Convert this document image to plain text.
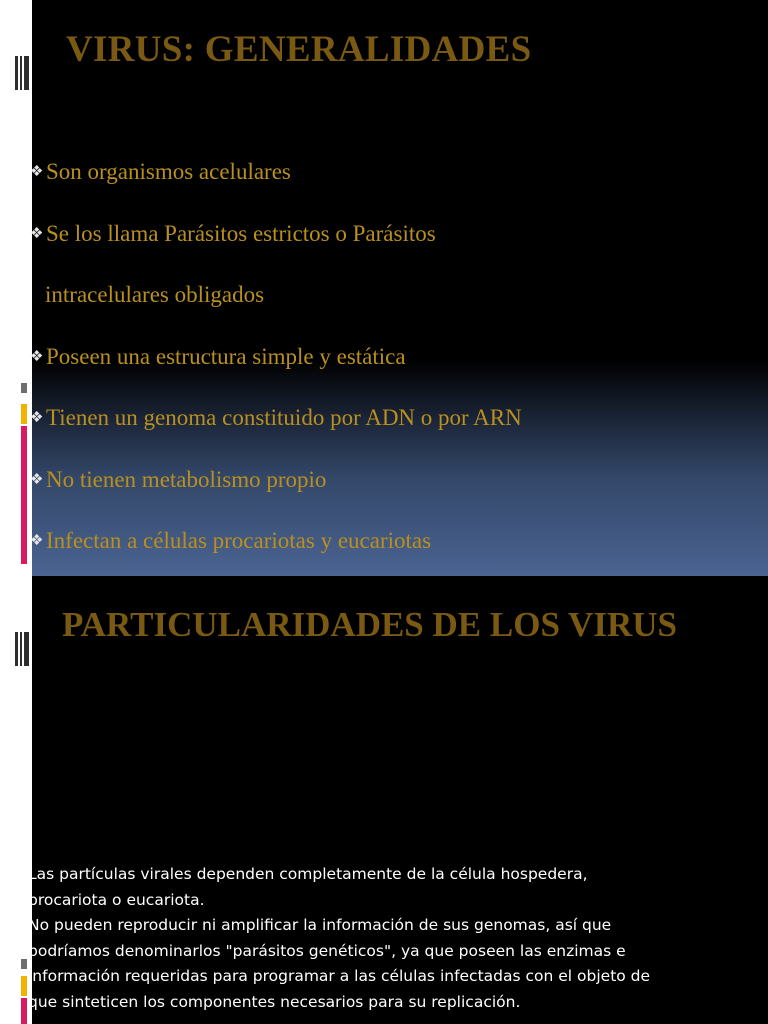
VIRUS: GENERALIDADES
❖ Son organismos acelulares
❖ Se los llama Parásitos estrictos o Parásitos
intracelulares obligados
❖ Poseen una estructura simple y estática
❖ Tienen un genoma constituido por ADN o por ARN
❖ No tienen metabolismo propio
❖ Infectan a células procariotas y eucariotas
PARTICULARIDADES DE LOS VIRUS

Las partículas virales dependen completamente de la célula hospedera,
procariota o eucariota.
No pueden reproducir ni amplificar la información de sus genomas, así que
podríamos denominarlos "parásitos genéticos", ya que poseen las enzimas e
información requeridas para programar a las células infectadas con el objeto de
que sinteticen los componentes necesarios para su replicación.
